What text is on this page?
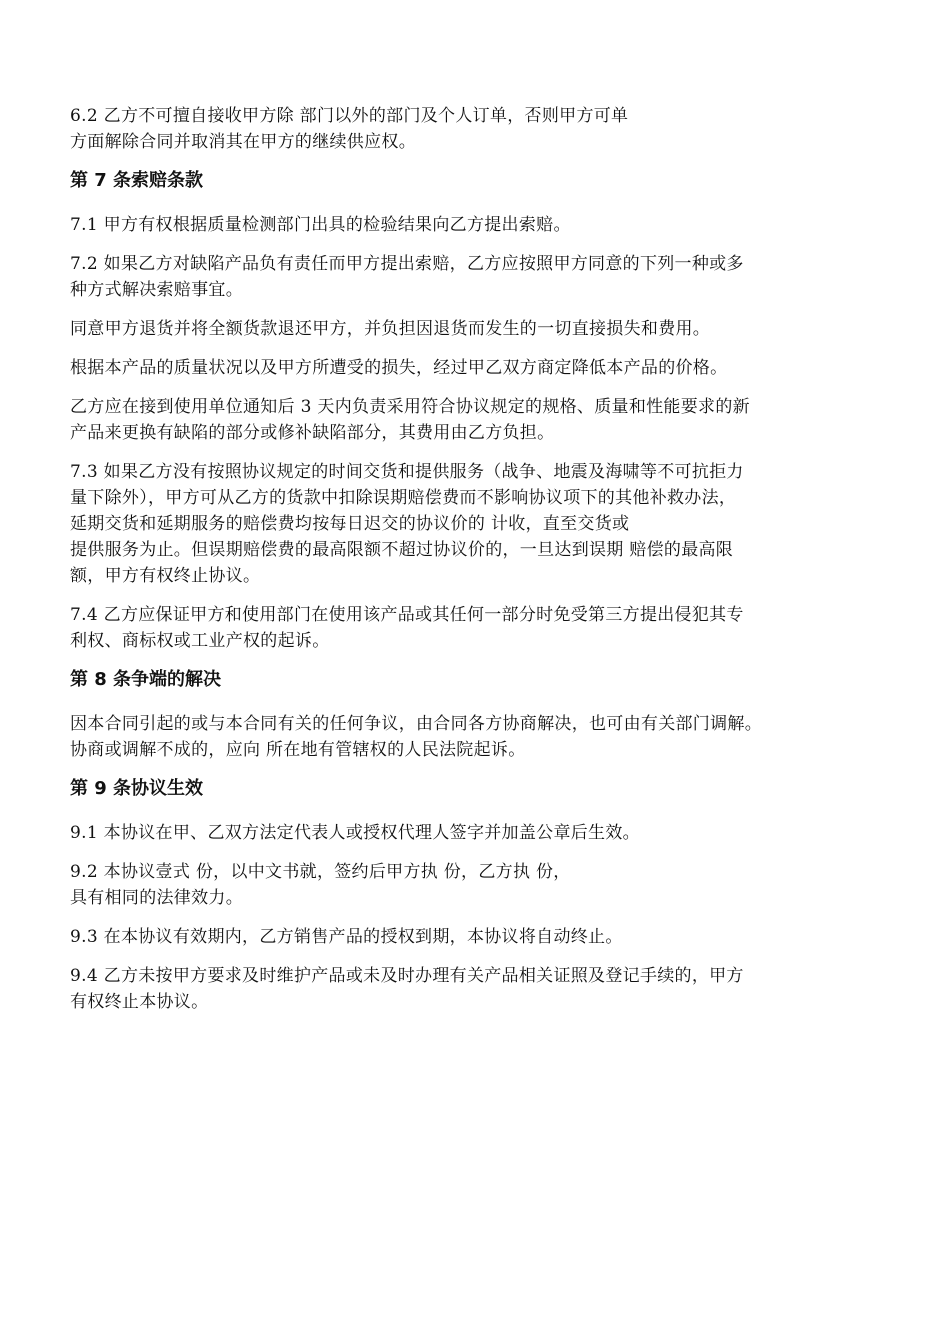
6.2 乙方不可擅自接收甲方除 部门以外的部门及个人订单，否则甲方可单
方面解除合同并取消其在甲方的继续供应权。

第 7 条索赔条款

7.1 甲方有权根据质量检测部门出具的检验结果向乙方提出索赔。

7.2 如果乙方对缺陷产品负有责任而甲方提出索赔，乙方应按照甲方同意的下列一种或多
种方式解决索赔事宜。

同意甲方退货并将全额货款退还甲方，并负担因退货而发生的一切直接损失和费用。

根据本产品的质量状况以及甲方所遭受的损失，经过甲乙双方商定降低本产品的价格。

乙方应在接到使用单位通知后 3 天内负责采用符合协议规定的规格、质量和性能要求的新
产品来更换有缺陷的部分或修补缺陷部分，其费用由乙方负担。

7.3 如果乙方没有按照协议规定的时间交货和提供服务（战争、地震及海啸等不可抗拒力
量下除外），甲方可从乙方的货款中扣除误期赔偿费而不影响协议项下的其他补救办法，
延期交货和延期服务的赔偿费均按每日迟交的协议价的 计收，直至交货或
提供服务为止。但误期赔偿费的最高限额不超过协议价的，一旦达到误期 赔偿的最高限
额，甲方有权终止协议。

7.4 乙方应保证甲方和使用部门在使用该产品或其任何一部分时免受第三方提出侵犯其专
利权、商标权或工业产权的起诉。

第 8 条争端的解决

因本合同引起的或与本合同有关的任何争议，由合同各方协商解决，也可由有关部门调解。
协商或调解不成的，应向 所在地有管辖权的人民法院起诉。

第 9 条协议生效

9.1 本协议在甲、乙双方法定代表人或授权代理人签字并加盖公章后生效。

9.2 本协议壹式 份，以中文书就，签约后甲方执 份，乙方执 份，
具有相同的法律效力。

9.3 在本协议有效期内，乙方销售产品的授权到期，本协议将自动终止。

9.4 乙方未按甲方要求及时维护产品或未及时办理有关产品相关证照及登记手续的，甲方
有权终止本协议。
